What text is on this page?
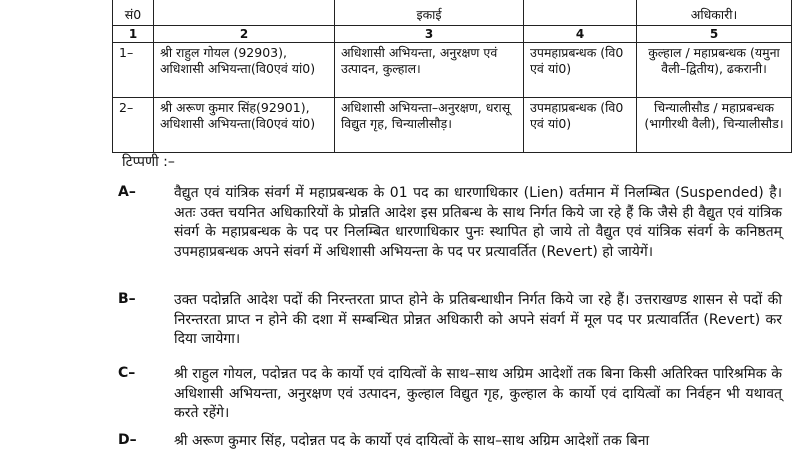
सं0		इकाई		अधिकारी।
1	2	3	4	5
1–	श्री राहुल गोयल (92903), अधिशासी अभियन्ता(वि0एवं यां0)	अधिशासी अभियन्ता, अनुरक्षण एवं उत्पादन, कुल्हाल।	उपमहाप्रबन्धक (वि0 एवं यां0)	कुल्हाल / महाप्रबन्धक (यमुना वैली–द्वितीय), ढकरानी।
2–	श्री अरूण कुमार सिंह(92901), अधिशासी अभियन्ता(वि0एवं यां0)	अधिशासी अभियन्ता–अनुरक्षण, धरासू विद्युत गृह, चिन्यालीसौड़।	उपमहाप्रबन्धक (वि0 एवं यां0)	चिन्यालीसौड / महाप्रबन्धक (भागीरथी वैली), चिन्यालीसौड।
टिप्पणी :–
A–	वैद्युत एवं यांत्रिक संवर्ग में महाप्रबन्धक के 01 पद का धारणाधिकार (Lien) वर्तमान में निलम्बित (Suspended) है। अतः उक्त चयनित अधिकारियों के प्रोन्नति आदेश इस प्रतिबन्ध के साथ निर्गत किये जा रहे हैं कि जैसे ही वैद्युत एवं यांत्रिक संवर्ग के महाप्रबन्धक के पद पर निलम्बित धारणाधिकार पुनः स्थापित हो जाये तो वैद्युत एवं यांत्रिक संवर्ग के कनिष्ठतम् उपमहाप्रबन्धक अपने संवर्ग में अधिशासी अभियन्ता के पद पर प्रत्यावर्तित (Revert) हो जायेगें।
B–	उक्त पदोन्नति आदेश पदों की निरन्तरता प्राप्त होने के प्रतिबन्धाधीन निर्गत किये जा रहे हैं। उत्तराखण्ड शासन से पदों की निरन्तरता प्राप्त न होने की दशा में सम्बन्धित प्रोन्नत अधिकारी को अपने संवर्ग में मूल पद पर प्रत्यावर्तित (Revert) कर दिया जायेगा।
C–	श्री राहुल गोयल, पदोन्नत पद के कार्यो एवं दायित्वों के साथ–साथ अग्रिम आदेशों तक बिना किसी अतिरिक्त पारिश्रमिक के अधिशासी अभियन्ता, अनुरक्षण एवं उत्पादन, कुल्हाल विद्युत गृह, कुल्हाल के कार्यो एवं दायित्वों का निर्वहन भी यथावत् करते रहेंगे।
D–	श्री अरूण कुमार सिंह, पदोन्नत पद के कार्यो एवं दायित्वों के साथ–साथ अग्रिम आदेशों तक बिना
